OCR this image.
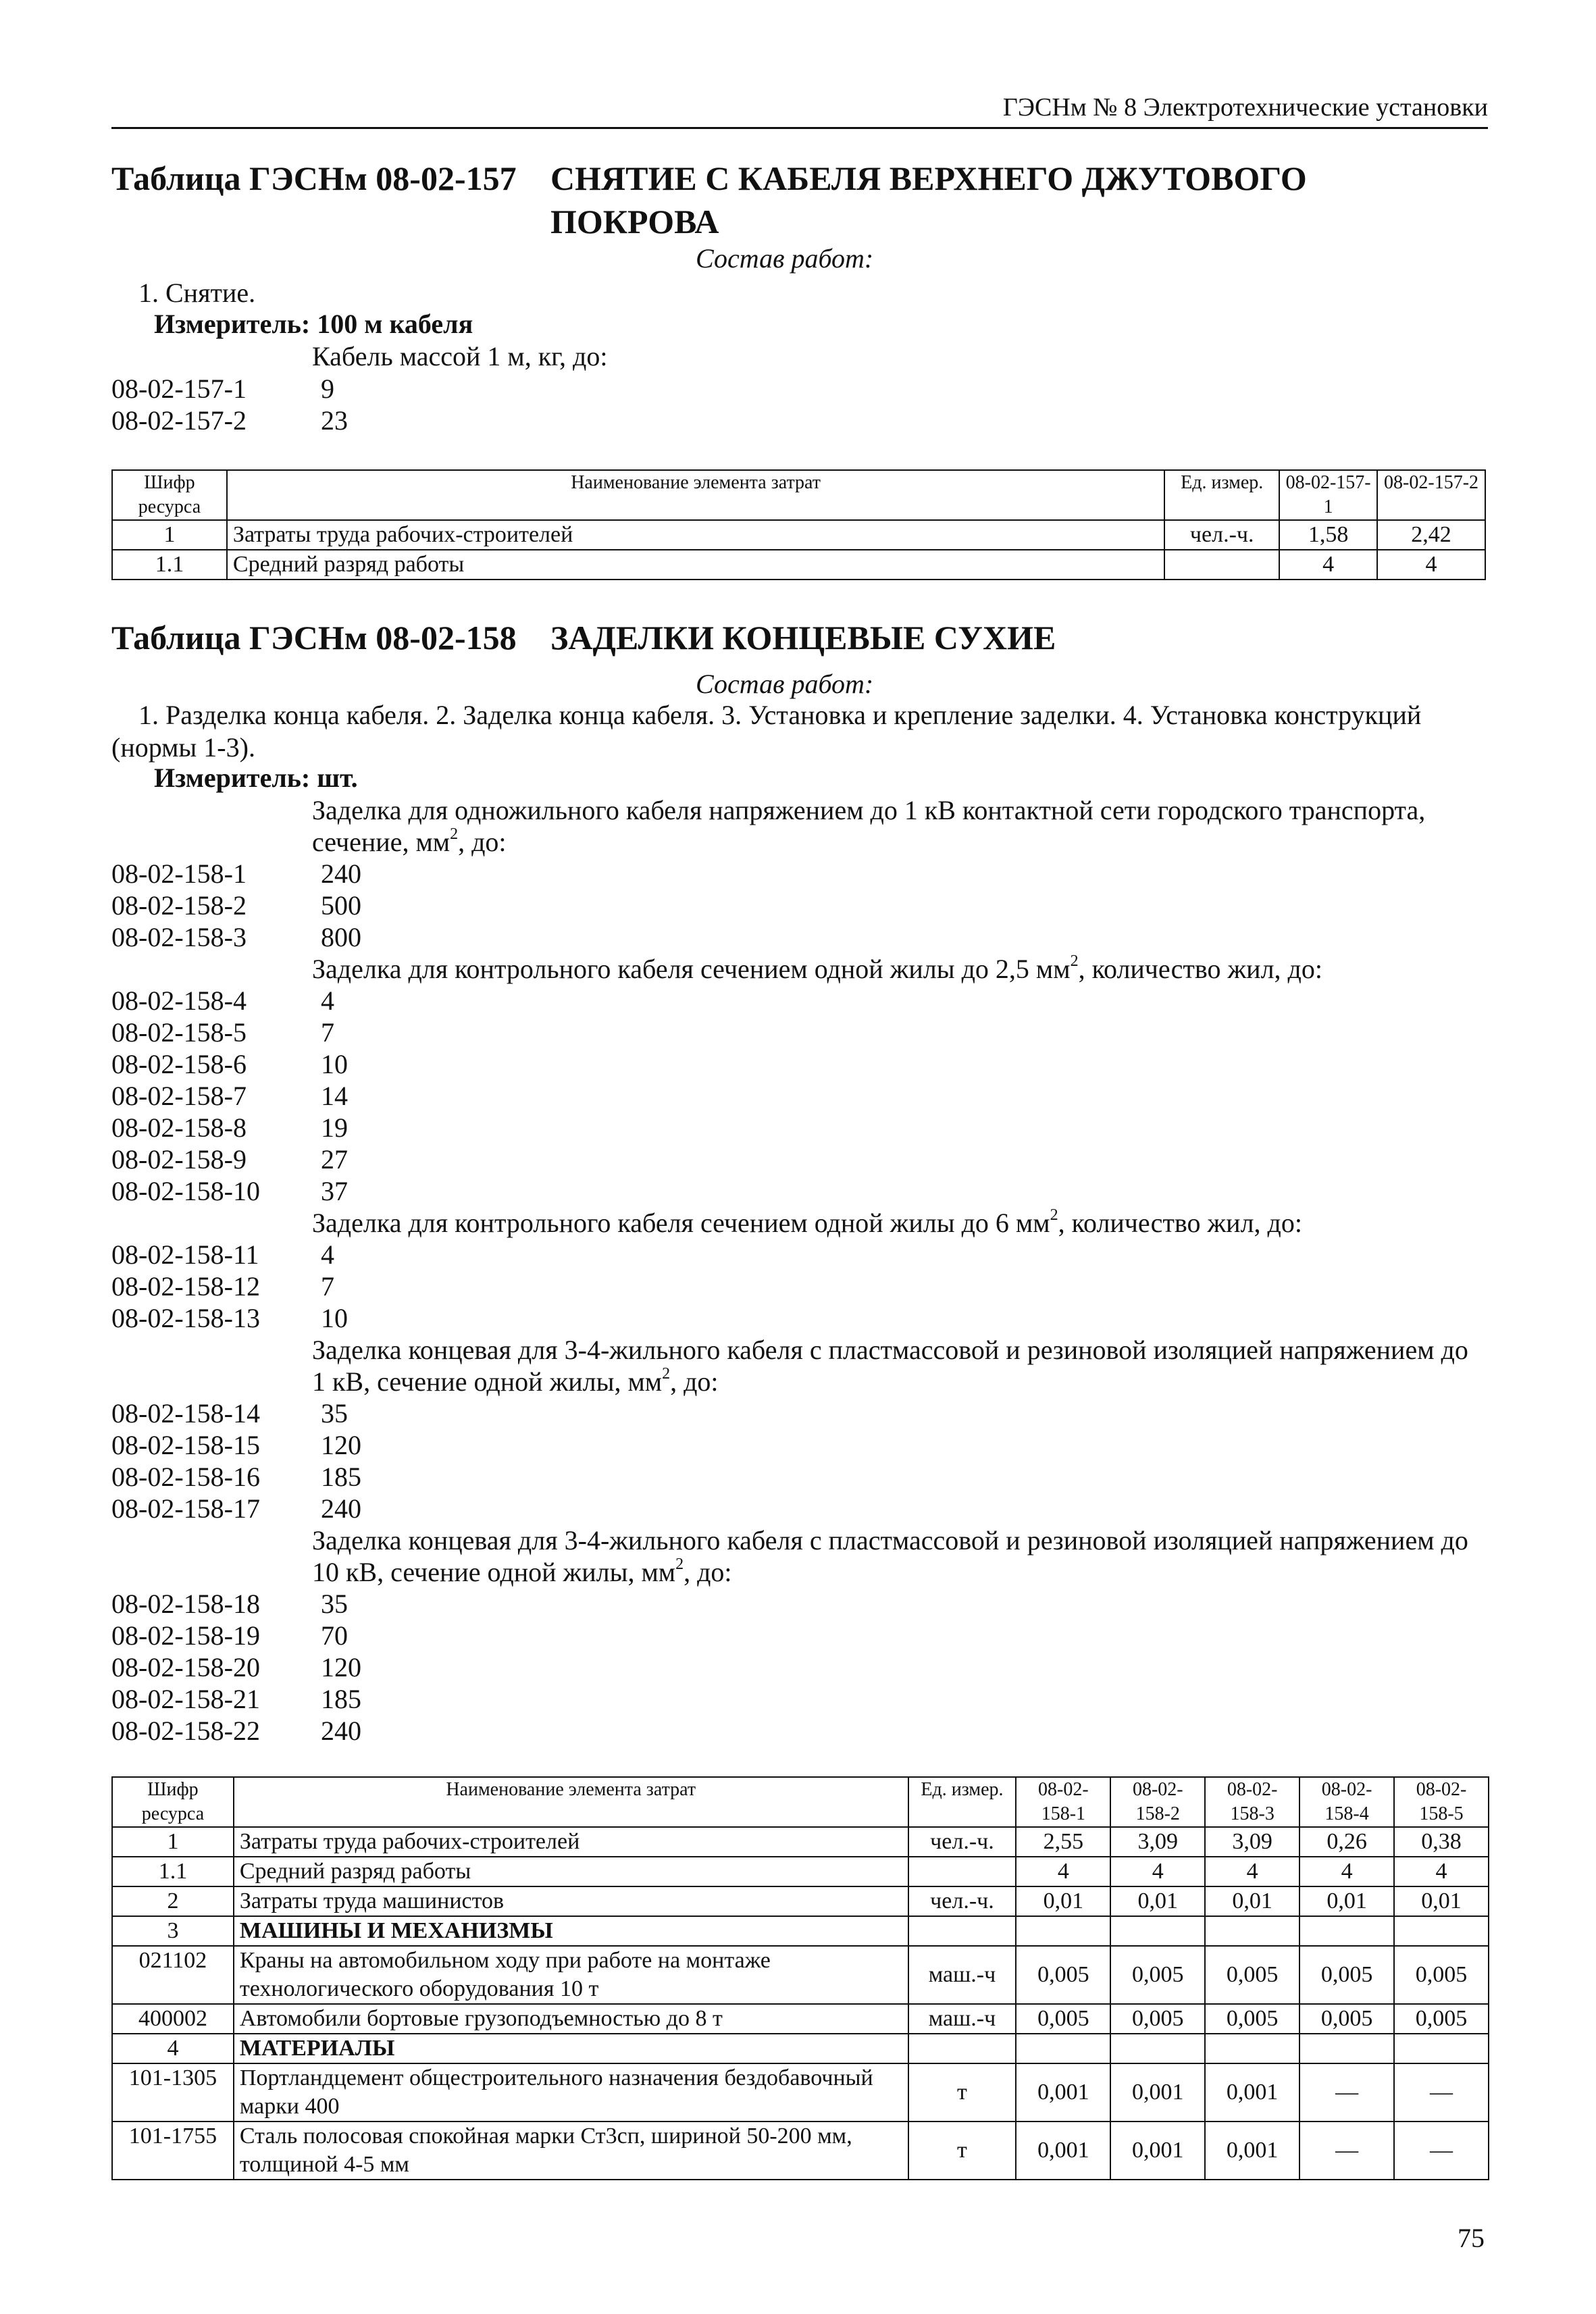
ГЭСНм № 8 Электротехнические установки
Таблица ГЭСНм 08-02-157 СНЯТИЕ С КАБЕЛЯ ВЕРХНЕГО ДЖУТОВОГО ПОКРОВА
Состав работ:
1. Снятие.
Измеритель: 100 м кабеля
Кабель массой 1 м, кг, до:
08-02-157-1	9
08-02-157-2	23
Шифр ресурса	Наименование элемента затрат	Ед. измер.	08-02-157-1	08-02-157-2
1	Затраты труда рабочих-строителей	чел.-ч.	1,58	2,42
1.1	Средний разряд работы		4	4
Таблица ГЭСНм 08-02-158 ЗАДЕЛКИ КОНЦЕВЫЕ СУХИЕ
Состав работ:
1. Разделка конца кабеля. 2. Заделка конца кабеля. 3. Установка и крепление заделки. 4. Установка конструкций (нормы 1-3).
Измеритель: шт.
Заделка для одножильного кабеля напряжением до 1 кВ контактной сети городского транспорта, сечение, $мм^2$, до:
08-02-158-1	240
08-02-158-2	500
08-02-158-3	800
Заделка для контрольного кабеля сечением одной жилы до 2,5 $мм^2$, количество жил, до:
08-02-158-4	4
08-02-158-5	7
08-02-158-6	10
08-02-158-7	14
08-02-158-8	19
08-02-158-9	27
08-02-158-10	37
Заделка для контрольного кабеля сечением одной жилы до 6 $мм^2$, количество жил, до:
08-02-158-11	4
08-02-158-12	7
08-02-158-13	10
Заделка концевая для 3-4-жильного кабеля с пластмассовой и резиновой изоляцией напряжением до 1 кВ, сечение одной жилы, $мм^2$, до:
08-02-158-14	35
08-02-158-15	120
08-02-158-16	185
08-02-158-17	240
Заделка концевая для 3-4-жильного кабеля с пластмассовой и резиновой изоляцией напряжением до 10 кВ, сечение одной жилы, $мм^2$, до:
08-02-158-18	35
08-02-158-19	70
08-02-158-20	120
08-02-158-21	185
08-02-158-22	240
Шифр ресурса	Наименование элемента затрат	Ед. измер.	08-02-158-1	08-02-158-2	08-02-158-3	08-02-158-4	08-02-158-5
1	Затраты труда рабочих-строителей	чел.-ч.	2,55	3,09	3,09	0,26	0,38
1.1	Средний разряд работы		4	4	4	4	4
2	Затраты труда машинистов	чел.-ч.	0,01	0,01	0,01	0,01	0,01
3	МАШИНЫ И МЕХАНИЗМЫ						
021102	Краны на автомобильном ходу при работе на монтаже технологического оборудования 10 т	маш.-ч	0,005	0,005	0,005	0,005	0,005
400002	Автомобили бортовые грузоподъемностью до 8 т	маш.-ч	0,005	0,005	0,005	0,005	0,005
4	МАТЕРИАЛЫ						
101-1305	Портландцемент общестроительного назначения бездобавочный марки 400	т	0,001	0,001	0,001	—	—
101-1755	Сталь полосовая спокойная марки Ст3сп, шириной 50-200 мм, толщиной 4-5 мм	т	0,001	0,001	0,001	—	—
75
